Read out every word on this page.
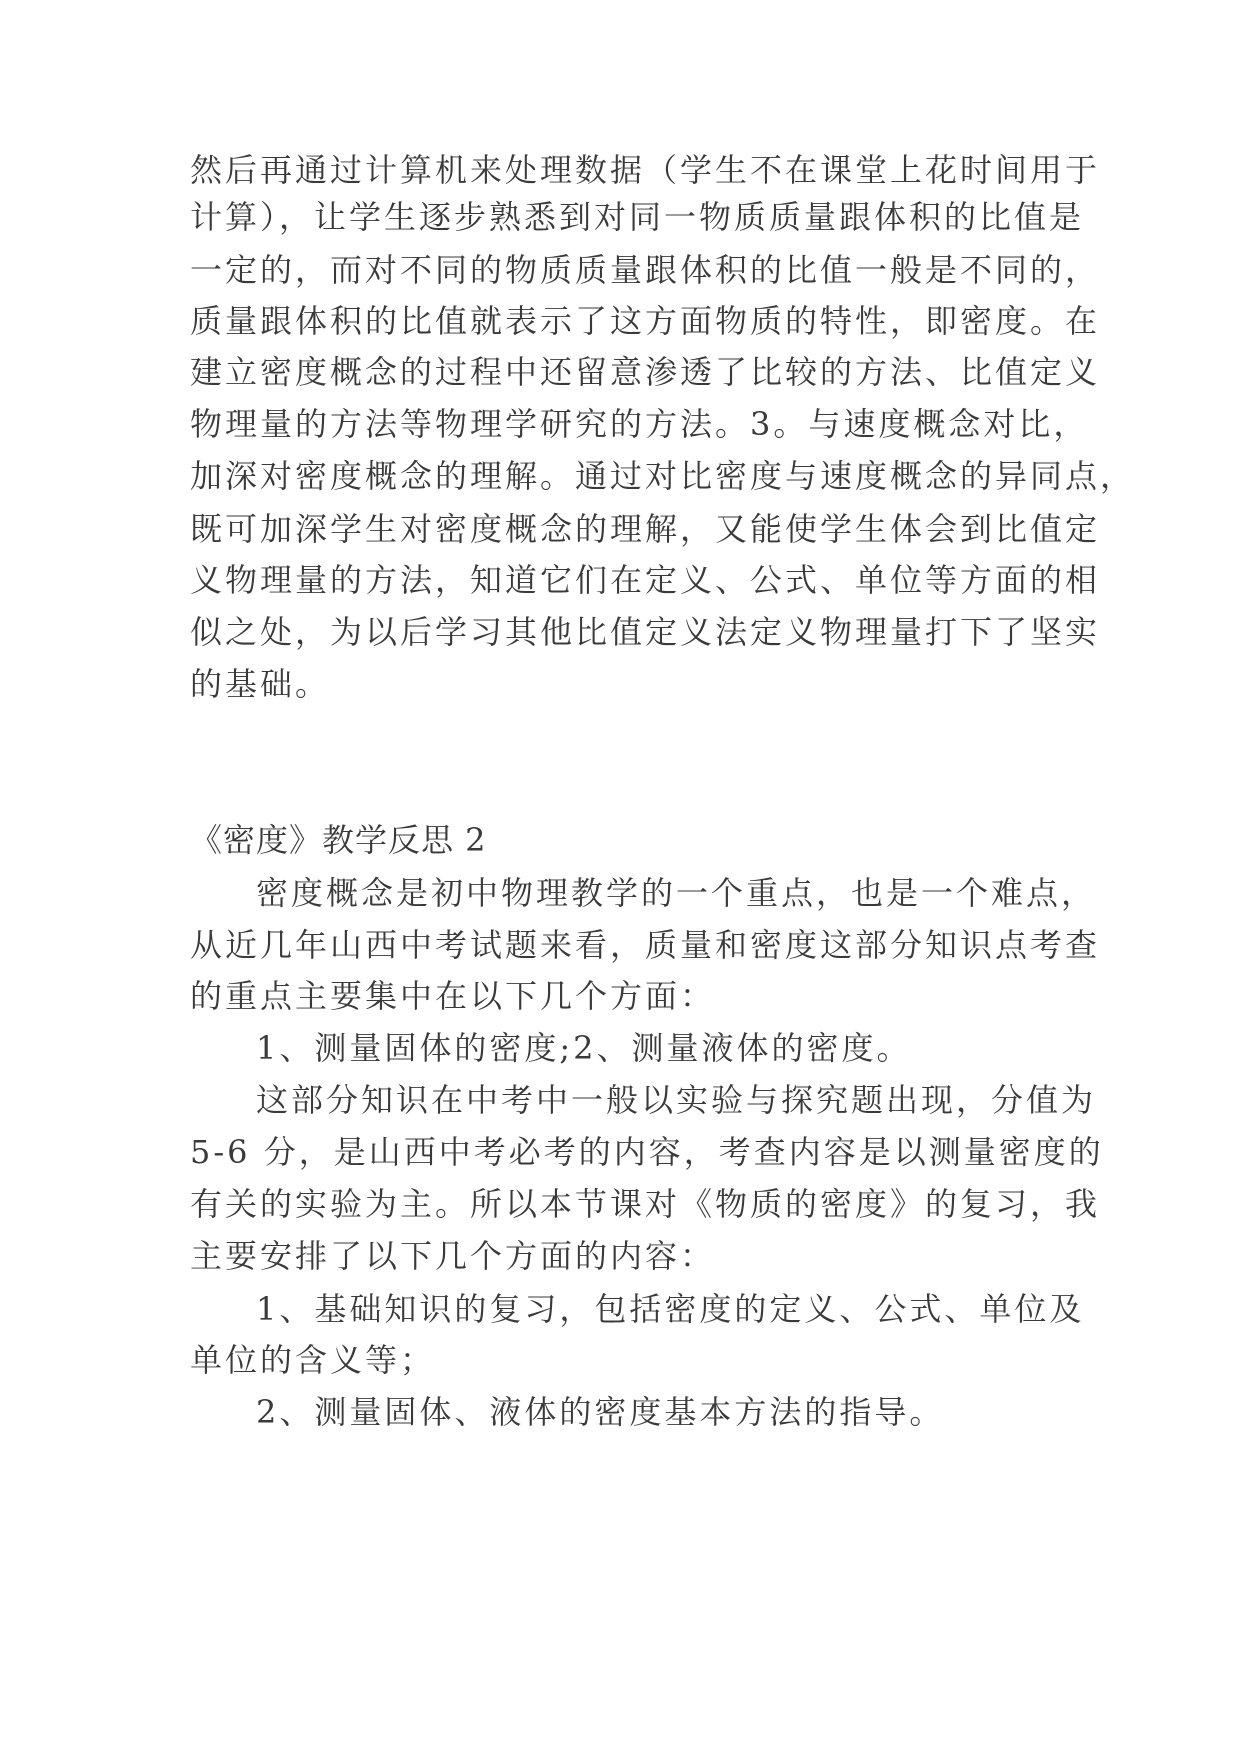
然后再通过计算机来处理数据（学生不在课堂上花时间用于
计算），让学生逐步熟悉到对同一物质质量跟体积的比值是
一定的，而对不同的物质质量跟体积的比值一般是不同的，
质量跟体积的比值就表示了这方面物质的特性，即密度。在
建立密度概念的过程中还留意渗透了比较的方法、比值定义
物理量的方法等物理学研究的方法。3。与速度概念对比，
加深对密度概念的理解。通过对比密度与速度概念的异同点，
既可加深学生对密度概念的理解，又能使学生体会到比值定
义物理量的方法，知道它们在定义、公式、单位等方面的相
似之处，为以后学习其他比值定义法定义物理量打下了坚实
的基础。
《密度》教学反思 2
密度概念是初中物理教学的一个重点，也是一个难点，
从近几年山西中考试题来看，质量和密度这部分知识点考查
的重点主要集中在以下几个方面：
1、测量固体的密度;2、测量液体的密度。
这部分知识在中考中一般以实验与探究题出现，分值为
5-6 分，是山西中考必考的内容，考查内容是以测量密度的
有关的实验为主。所以本节课对《物质的密度》的复习，我
主要安排了以下几个方面的内容：
1、基础知识的复习，包括密度的定义、公式、单位及
单位的含义等；
2、测量固体、液体的密度基本方法的指导。
